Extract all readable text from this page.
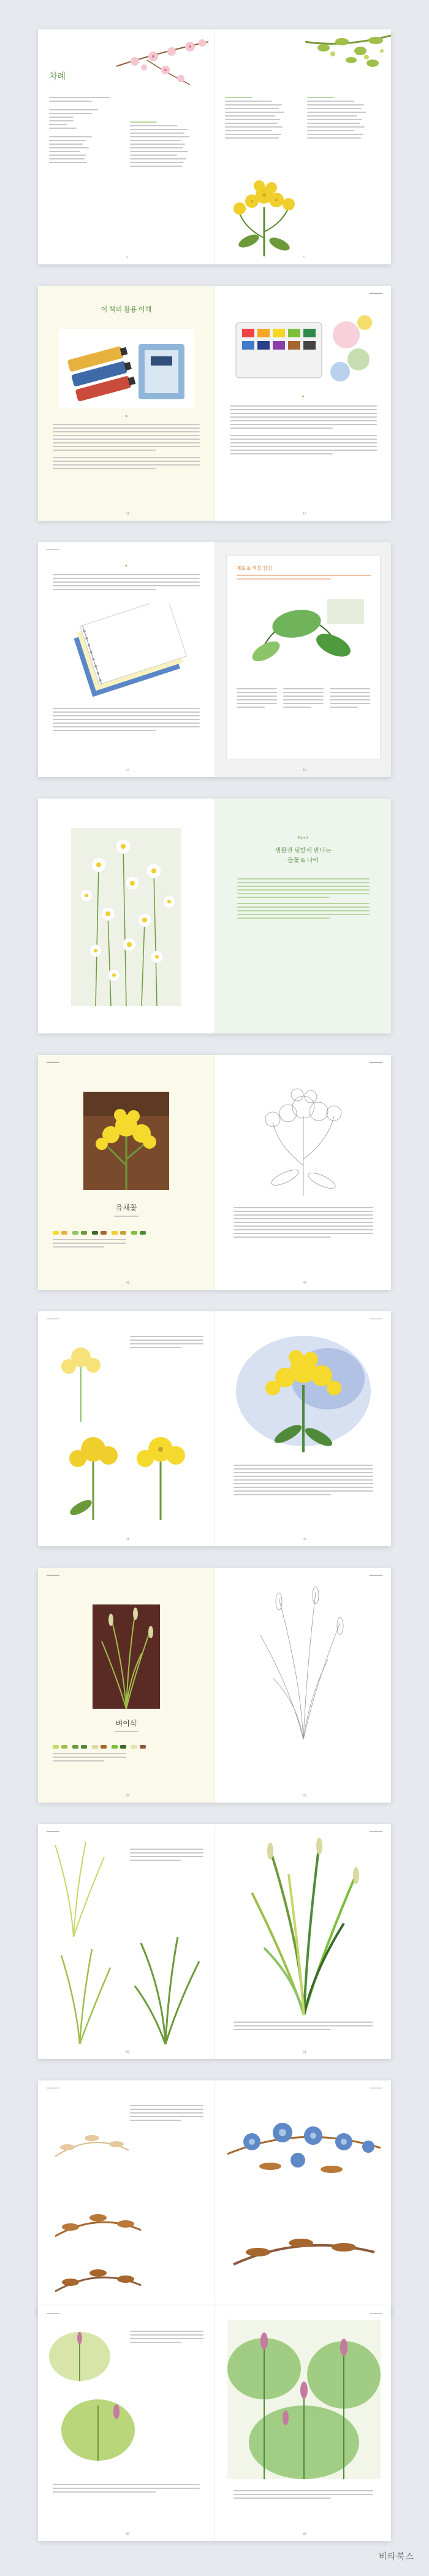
차례
4	5
이 책의 활용 이해
●
12
━━━━━━━
●
13
━━━━━━━
●
14
재료 & 색칠 점검
15
Part 2
생활권 텃밭서 만나는
들꽃 & 나비
━━━━━━━
유채꽃

46
━━━━━━━
47
━━━━━━━
48
━━━━━━━
49
━━━━━━━
벼이삭

58
━━━━━━━
59
━━━━━━━
60
━━━━━━━
61
━━━━━━━	━━━━━━━
━━━━━━━
80
━━━━━━━
81
비타북스
